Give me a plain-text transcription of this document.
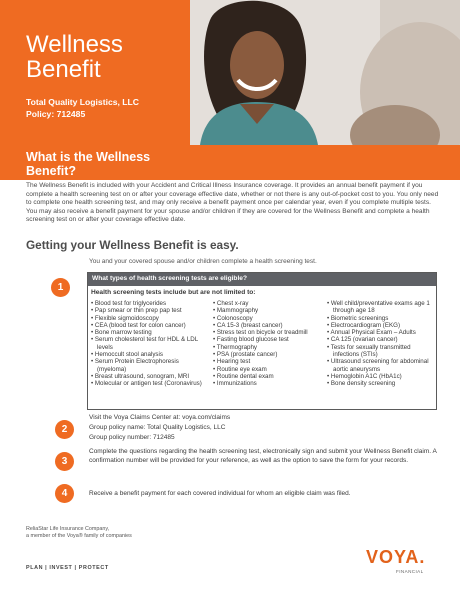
Wellness
Benefit
Total Quality Logistics, LLC
Policy: 712485
What is the Wellness Benefit?
The Wellness Benefit is included with your Accident and Critical Illness Insurance coverage. It provides an annual benefit payment if you complete a health screening test on or after your coverage effective date, whether or not there is any out-of-pocket cost to you. You only need to complete one health screening test, and may only receive a benefit payment once per calendar year, even if you complete multiple tests. You may also receive a benefit payment for your spouse and/or children if they are covered for the Wellness Benefit and complete a health screening test on or after your coverage effective date.
Getting your Wellness Benefit is easy.
You and your covered spouse and/or children complete a health screening test.
1
What types of health screening tests are eligible?
Health screening tests include but are not limited to:
• Blood test for triglycerides
• Pap smear or thin prep pap test
• Flexible sigmoidoscopy
• CEA (blood test for colon cancer)
• Bone marrow testing
• Serum cholesterol test for HDL & LDL levels
• Hemoccult stool analysis
• Serum Protein Electrophoresis (myeloma)
• Breast ultrasound, sonogram, MRI
• Molecular or antigen test (Coronavirus)
• Chest x-ray
• Mammography
• Colonoscopy
• CA 15-3 (breast cancer)
• Stress test on bicycle or treadmill
• Fasting blood glucose test
• Thermography
• PSA (prostate cancer)
• Hearing test
• Routine eye exam
• Routine dental exam
• Immunizations
• Well child/preventative exams age 1 through age 18
• Biometric screenings
• Electrocardiogram (EKG)
• Annual Physical Exam – Adults
• CA 125 (ovarian cancer)
• Tests for sexually transmitted infections (STIs)
• Ultrasound screening for abdominal aortic aneurysms
• Hemoglobin A1C (HbA1c)
• Bone density screening
2
Visit the Voya Claims Center at: voya.com/claims
Group policy name: Total Quality Logistics, LLC
Group policy number: 712485
3
Complete the questions regarding the health screening test, electronically sign and submit your Wellness Benefit claim. A confirmation number will be provided for your reference, as well as the option to save the form for your records.
4	Receive a benefit payment for each covered individual for whom an eligible claim was filed.
ReliaStar Life Insurance Company,
a member of the Voya® family of companies
PLAN | INVEST | PROTECT
VOYA.
FINANCIAL
